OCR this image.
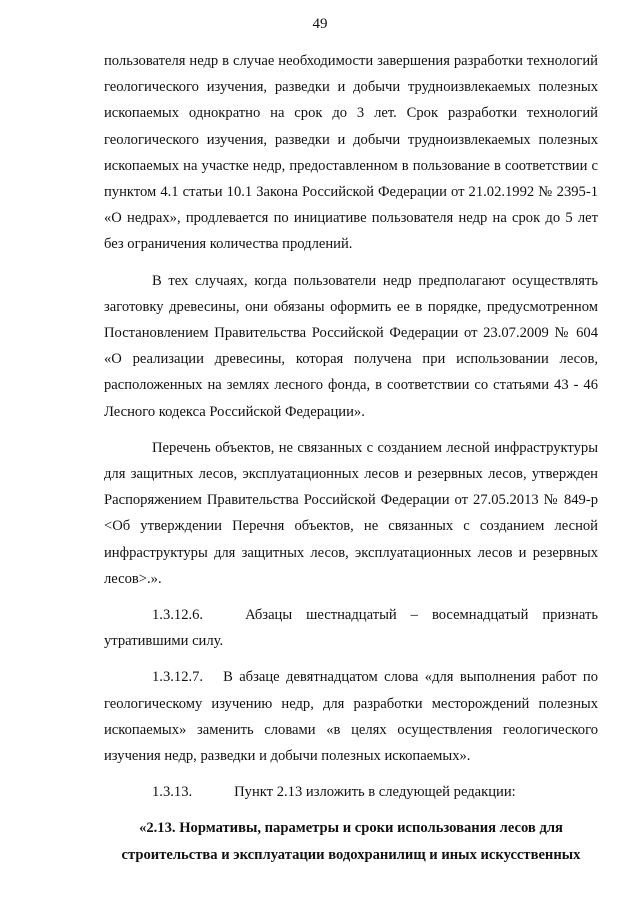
49

пользователя недр в случае необходимости завершения разработки технологий геологического изучения, разведки и добычи трудноизвлекаемых полезных ископаемых однократно на срок до 3 лет. Срок разработки технологий геологического изучения, разведки и добычи трудноизвлекаемых полезных ископаемых на участке недр, предоставленном в пользование в соответствии с пунктом 4.1 статьи 10.1 Закона Российской Федерации от 21.02.1992 № 2395-1 «О недрах», продлевается по инициативе пользователя недр на срок до 5 лет без ограничения количества продлений.

В тех случаях, когда пользователи недр предполагают осуществлять заготовку древесины, они обязаны оформить ее в порядке, предусмотренном Постановлением Правительства Российской Федерации от 23.07.2009 № 604 «О реализации древесины, которая получена при использовании лесов, расположенных на землях лесного фонда, в соответствии со статьями 43 - 46 Лесного кодекса Российской Федерации».

Перечень объектов, не связанных с созданием лесной инфраструктуры для защитных лесов, эксплуатационных лесов и резервных лесов, утвержден Распоряжением Правительства Российской Федерации от 27.05.2013 № 849-р <Об утверждении Перечня объектов, не связанных с созданием лесной инфраструктуры для защитных лесов, эксплуатационных лесов и резервных лесов>.».

1.3.12.6.	Абзацы шестнадцатый – восемнадцатый признать утратившими силу.

1.3.12.7. В абзаце девятнадцатом слова «для выполнения работ по геологическому изучению недр, для разработки месторождений полезных ископаемых» заменить словами «в целях осуществления геологического изучения недр, разведки и добычи полезных ископаемых».

1.3.13.	Пункт 2.13 изложить в следующей редакции:

«2.13. Нормативы, параметры и сроки использования лесов для строительства и эксплуатации водохранилищ и иных искусственных
